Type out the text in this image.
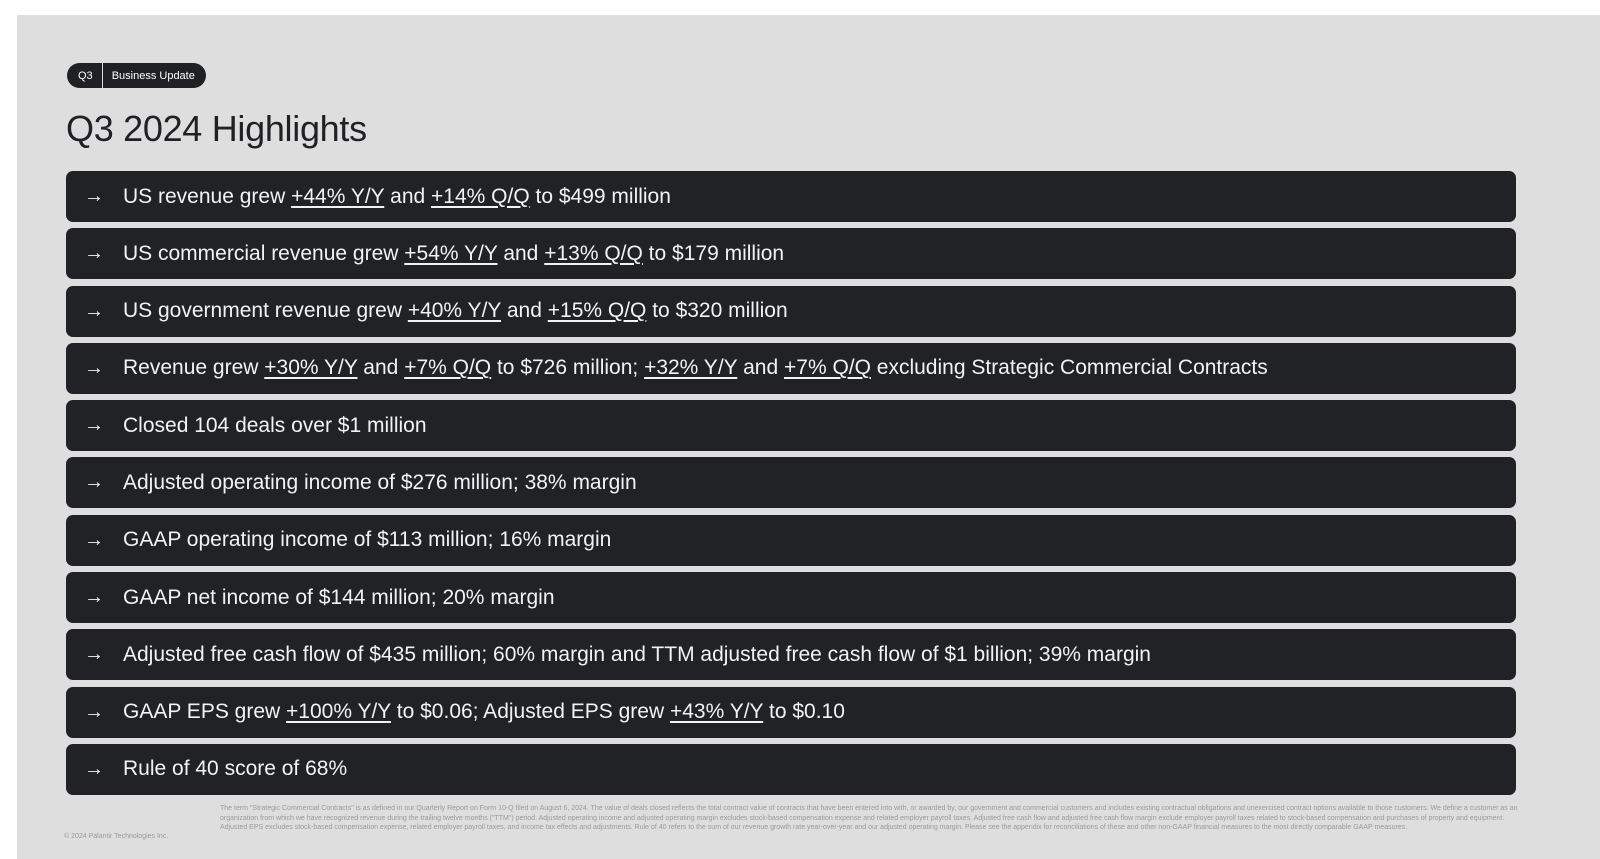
Q3	Business Update
Q3 2024 Highlights
→ US revenue grew +44% Y/Y and +14% Q/Q to $499 million
→ US commercial revenue grew +54% Y/Y and +13% Q/Q to $179 million
→ US government revenue grew +40% Y/Y and +15% Q/Q to $320 million
→ Revenue grew +30% Y/Y and +7% Q/Q to $726 million; +32% Y/Y and +7% Q/Q excluding Strategic Commercial Contracts
→ Closed 104 deals over $1 million
→ Adjusted operating income of $276 million; 38% margin
→ GAAP operating income of $113 million; 16% margin
→ GAAP net income of $144 million; 20% margin
→ Adjusted free cash flow of $435 million; 60% margin and TTM adjusted free cash flow of $1 billion; 39% margin
→ GAAP EPS grew +100% Y/Y to $0.06; Adjusted EPS grew +43% Y/Y to $0.10
→ Rule of 40 score of 68%
© 2024 Palantir Technologies Inc.
The term "Strategic Commercial Contracts" is as defined in our Quarterly Report on Form 10-Q filed on August 6, 2024. The value of deals closed reflects the total contract value of contracts that have been entered into with, or awarded by, our government and commercial customers and includes existing contractual obligations and unexercised contract options available to those customers. We define a customer as an organization from which we have recognized revenue during the trailing twelve months ("TTM") period. Adjusted operating income and adjusted operating margin excludes stock-based compensation expense and related employer payroll taxes. Adjusted free cash flow and adjusted free cash flow margin exclude employer payroll taxes related to stock-based compensation and purchases of property and equipment. Adjusted EPS excludes stock-based compensation expense, related employer payroll taxes, and income tax effects and adjustments. Rule of 40 refers to the sum of our revenue growth rate year-over-year and our adjusted operating margin. Please see the appendix for reconciliations of these and other non-GAAP financial measures to the most directly comparable GAAP measures.
